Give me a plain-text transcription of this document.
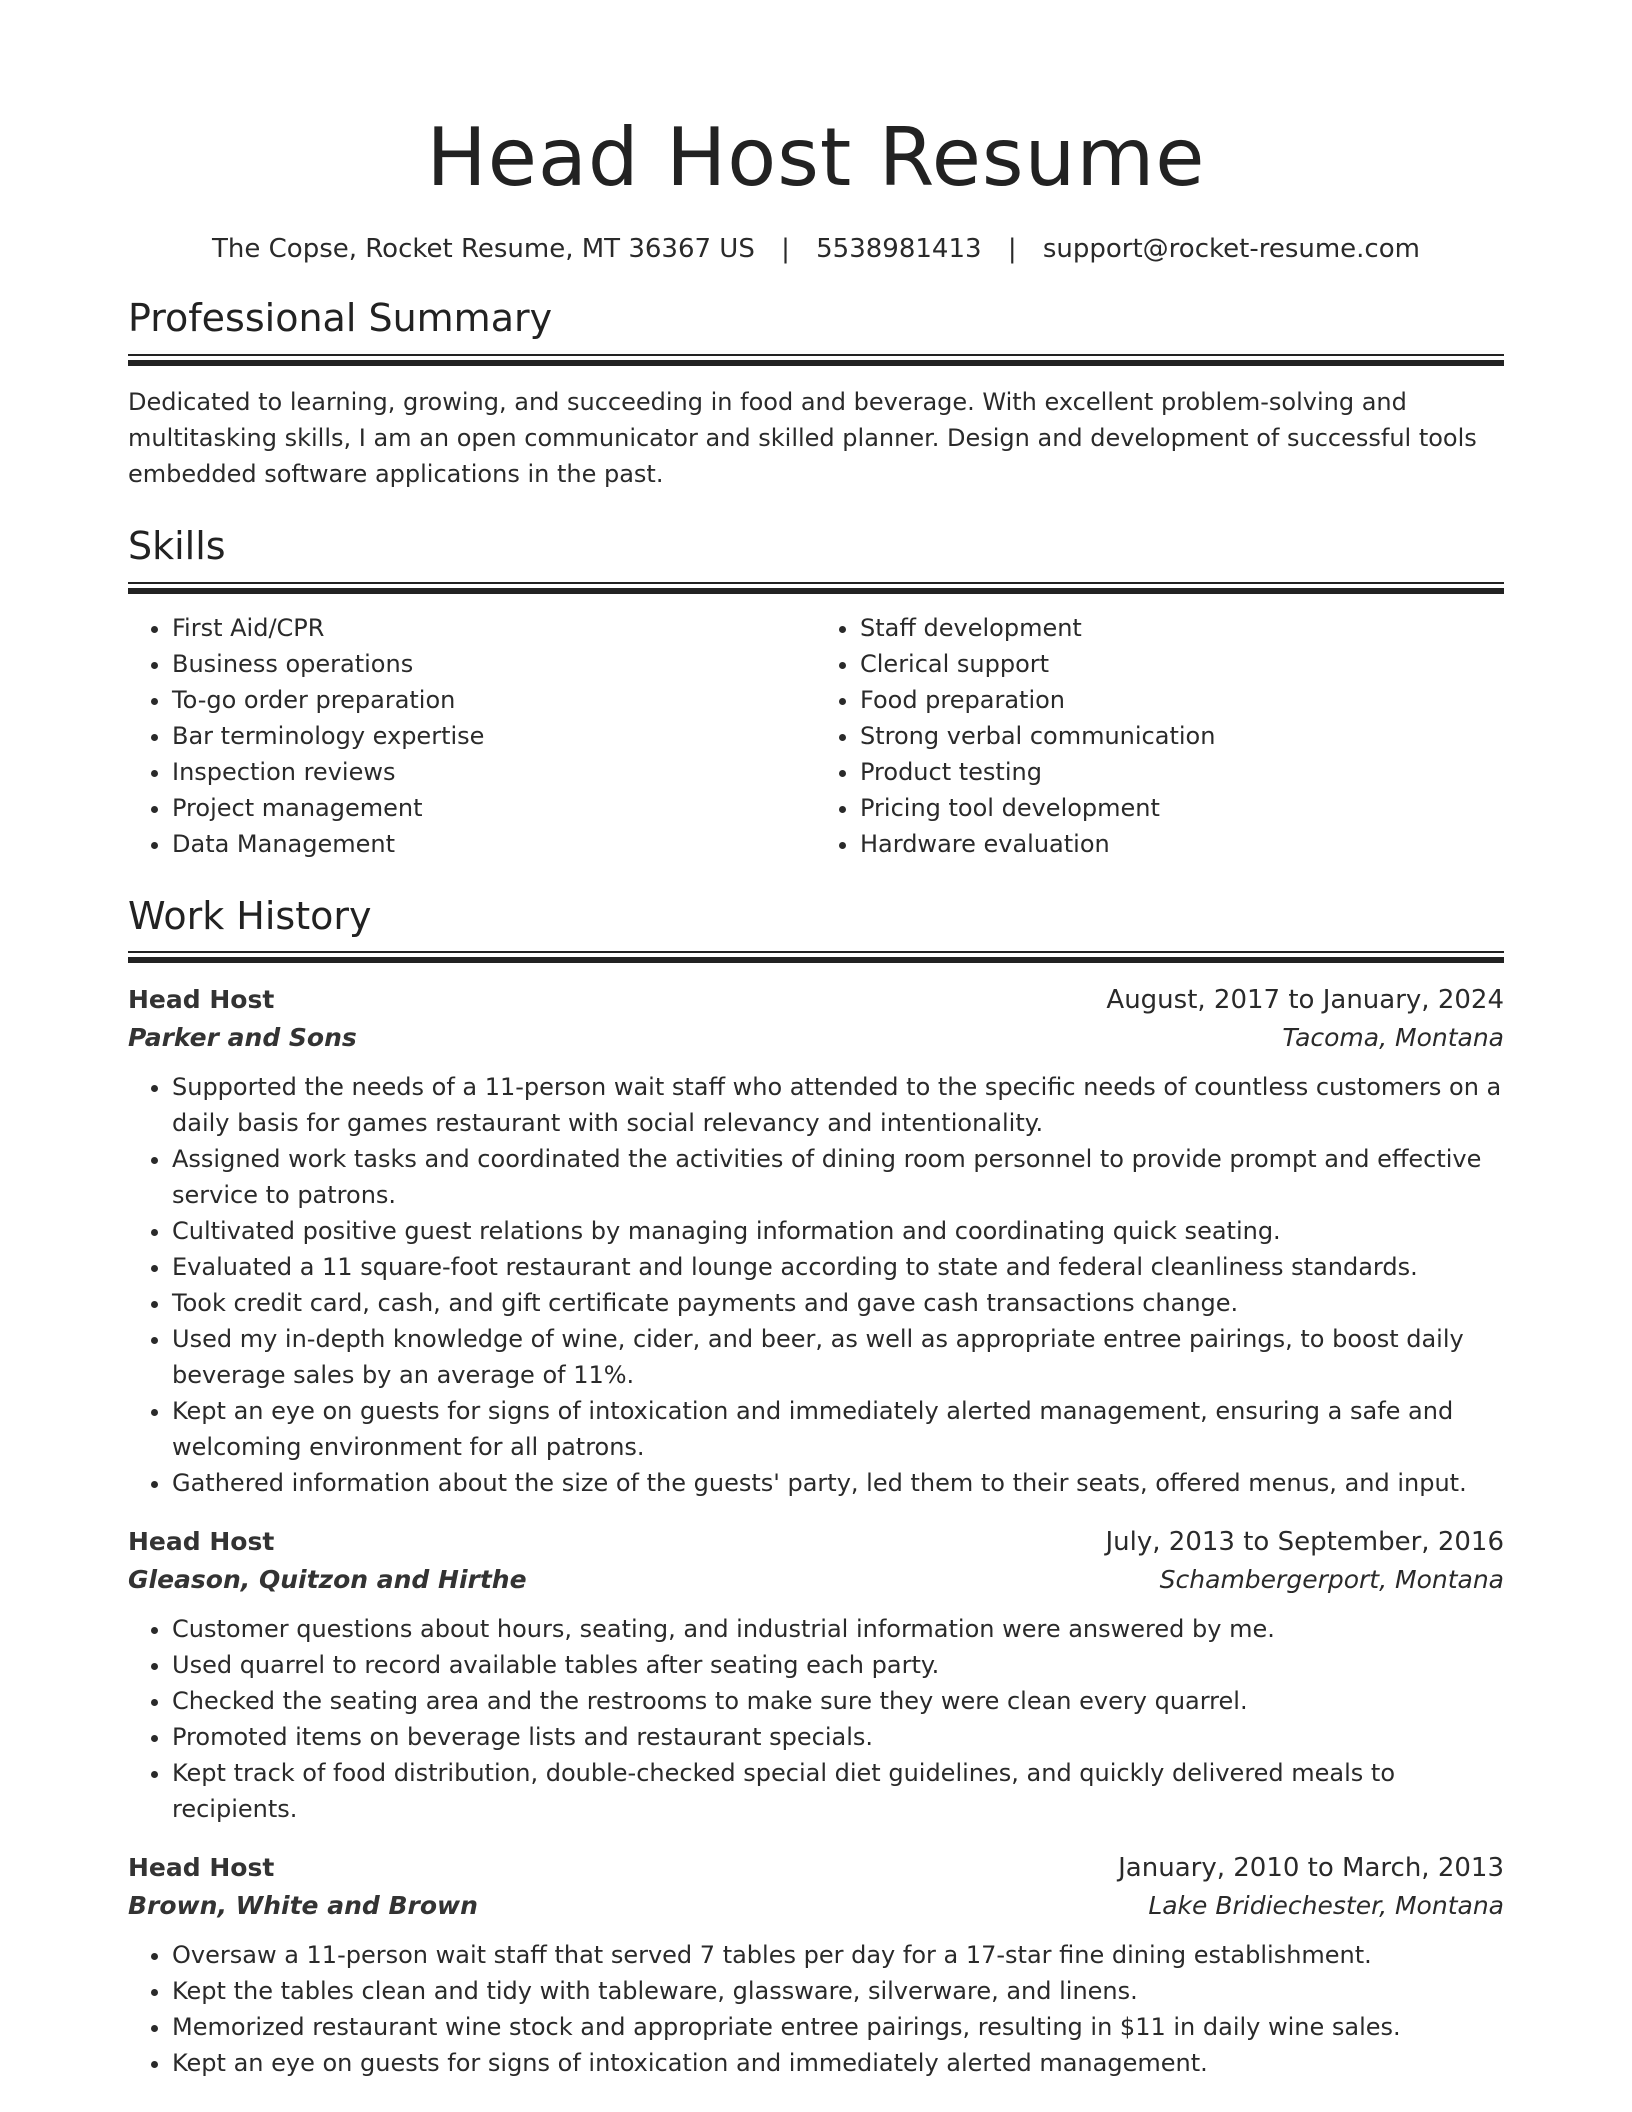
Head Host Resume
The Copse, Rocket Resume, MT 36367 US | 5538981413 | support@rocket-resume.com
Professional Summary

Dedicated to learning, growing, and succeeding in food and beverage. With excellent problem-solving and multitasking skills, I am an open communicator and skilled planner. Design and development of successful tools embedded software applications in the past.

Skills
• First Aid/CPR
• Business operations
• To-go order preparation
• Bar terminology expertise
• Inspection reviews
• Project management
• Data Management
• Staff development
• Clerical support
• Food preparation
• Strong verbal communication
• Product testing
• Pricing tool development
• Hardware evaluation
Work History
Head Host	August, 2017 to January, 2024
Parker and Sons	Tacoma, Montana
• Supported the needs of a 11-person wait staff who attended to the specific needs of countless customers on a daily basis for games restaurant with social relevancy and intentionality.
• Assigned work tasks and coordinated the activities of dining room personnel to provide prompt and effective service to patrons.
• Cultivated positive guest relations by managing information and coordinating quick seating.
• Evaluated a 11 square-foot restaurant and lounge according to state and federal cleanliness standards.
• Took credit card, cash, and gift certificate payments and gave cash transactions change.
• Used my in-depth knowledge of wine, cider, and beer, as well as appropriate entree pairings, to boost daily beverage sales by an average of 11%.
• Kept an eye on guests for signs of intoxication and immediately alerted management, ensuring a safe and welcoming environment for all patrons.
• Gathered information about the size of the guests' party, led them to their seats, offered menus, and input.
Head Host	July, 2013 to September, 2016
Gleason, Quitzon and Hirthe	Schambergerport, Montana
• Customer questions about hours, seating, and industrial information were answered by me.
• Used quarrel to record available tables after seating each party.
• Checked the seating area and the restrooms to make sure they were clean every quarrel.
• Promoted items on beverage lists and restaurant specials.
• Kept track of food distribution, double-checked special diet guidelines, and quickly delivered meals to recipients.
Head Host	January, 2010 to March, 2013
Brown, White and Brown	Lake Bridiechester, Montana
• Oversaw a 11-person wait staff that served 7 tables per day for a 17-star fine dining establishment.
• Kept the tables clean and tidy with tableware, glassware, silverware, and linens.
• Memorized restaurant wine stock and appropriate entree pairings, resulting in $11 in daily wine sales.
• Kept an eye on guests for signs of intoxication and immediately alerted management.
